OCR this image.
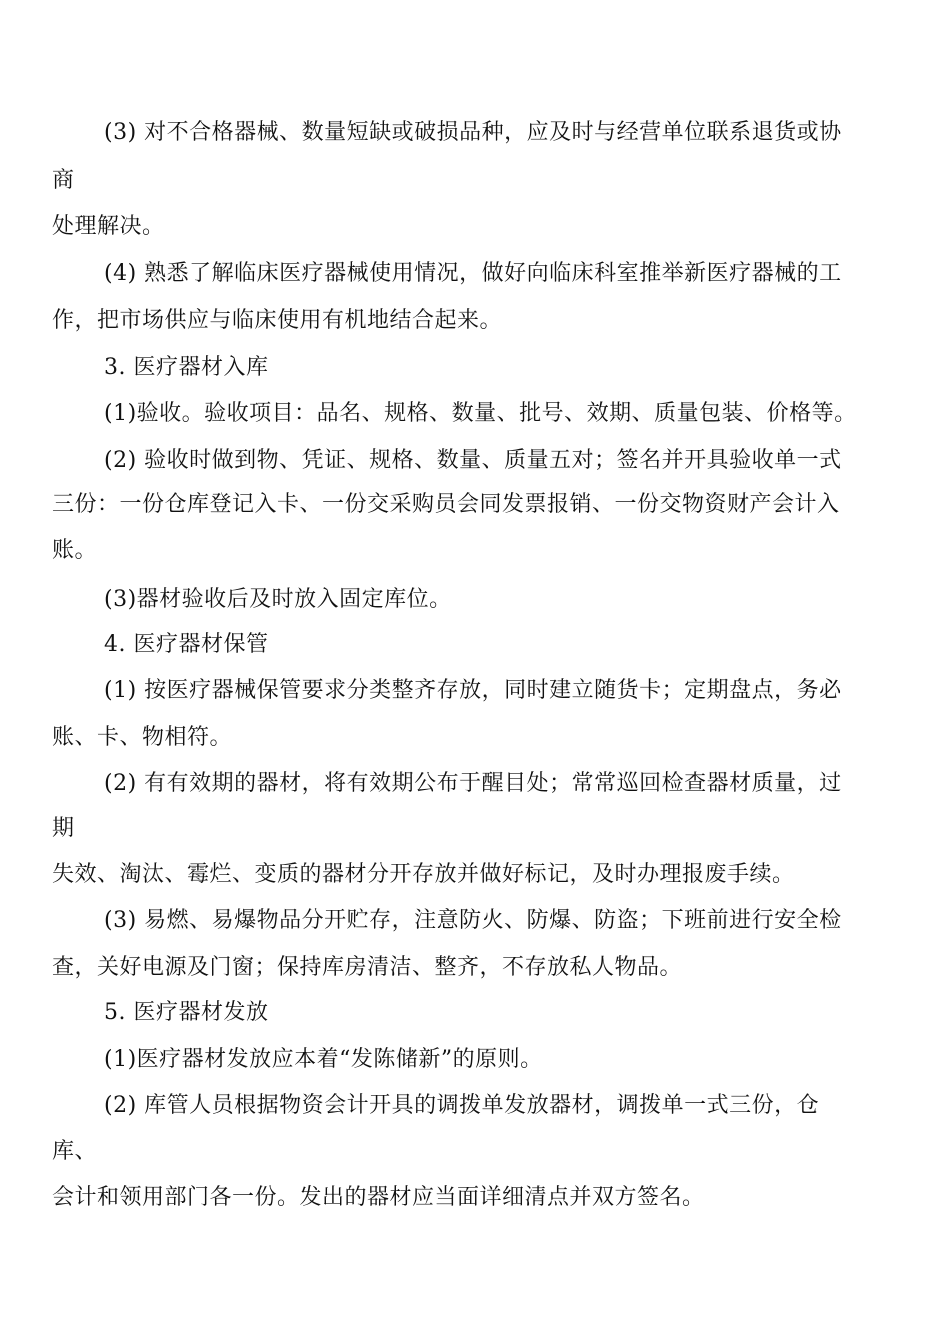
(3) 对不合格器械、数量短缺或破损品种，应及时与经营单位联系退货或协
商
处理解决。
(4) 熟悉了解临床医疗器械使用情况，做好向临床科室推举新医疗器械的工
作，把市场供应与临床使用有机地结合起来。
3. 医疗器材入库
(1)验收。验收项目：品名、规格、数量、批号、效期、质量包装、价格等。
(2) 验收时做到物、凭证、规格、数量、质量五对；签名并开具验收单一式
三份：一份仓库登记入卡、一份交采购员会同发票报销、一份交物资财产会计入
账。
(3)器材验收后及时放入固定库位。
4. 医疗器材保管
(1) 按医疗器械保管要求分类整齐存放，同时建立随货卡；定期盘点，务必
账、卡、物相符。
(2) 有有效期的器材，将有效期公布于醒目处；常常巡回检查器材质量，过
期
失效、淘汰、霉烂、变质的器材分开存放并做好标记，及时办理报废手续。
(3) 易燃、易爆物品分开贮存，注意防火、防爆、防盗；下班前进行安全检
查，关好电源及门窗；保持库房清洁、整齐，不存放私人物品。
5. 医疗器材发放
(1)医疗器材发放应本着“发陈储新”的原则。
(2) 库管人员根据物资会计开具的调拨单发放器材，调拨单一式三份，仓
库、
会计和领用部门各一份。发出的器材应当面详细清点并双方签名。
